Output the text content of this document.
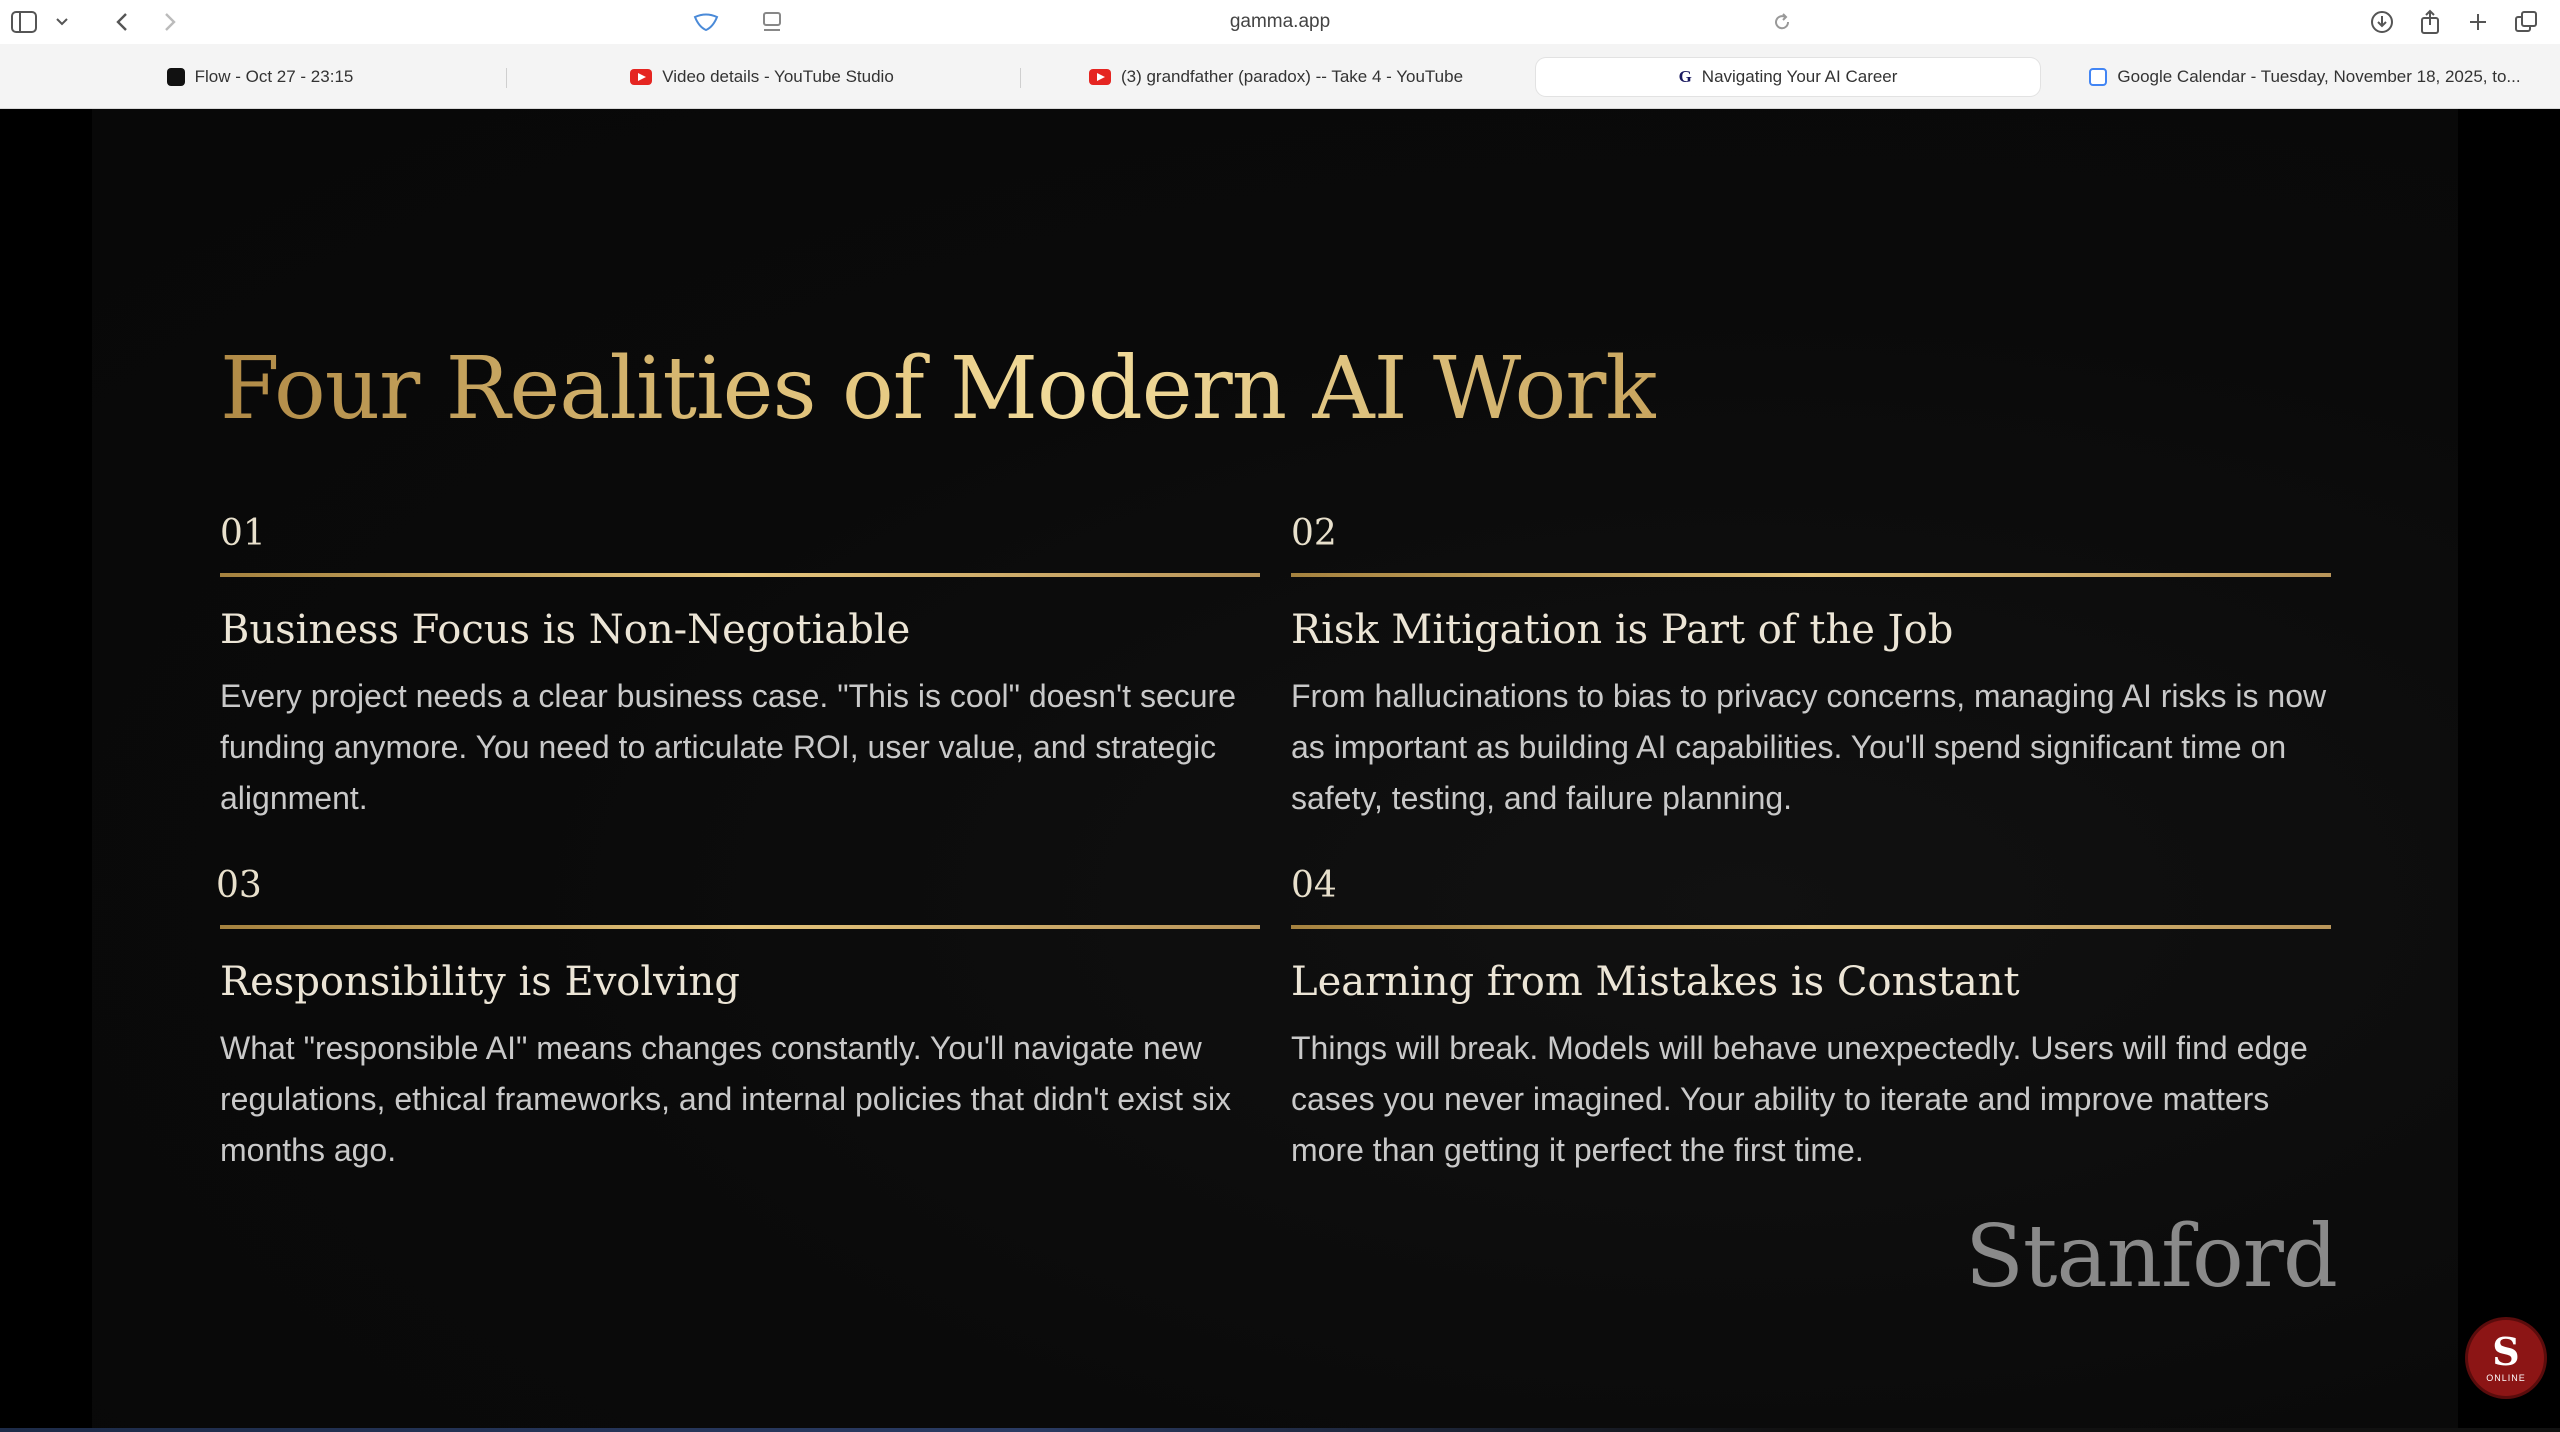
gamma.app
Flow - Oct 27 - 23:15	Video details - YouTube Studio	(3) grandfather (paradox) -- Take 4 - YouTube	G Navigating Your AI Career	Google Calendar - Tuesday, November 18, 2025, to...
Four Realities of Modern AI Work
01
Business Focus is Non-Negotiable
Every project needs a clear business case. "This is cool" doesn't secure funding anymore. You need to articulate ROI, user value, and strategic alignment.
02
Risk Mitigation is Part of the Job
From hallucinations to bias to privacy concerns, managing AI risks is now as important as building AI capabilities. You'll spend significant time on safety, testing, and failure planning.
03
Responsibility is Evolving
What "responsible AI" means changes constantly. You'll navigate new regulations, ethical frameworks, and internal policies that didn't exist six months ago.
04
Learning from Mistakes is Constant
Things will break. Models will behave unexpectedly. Users will find edge cases you never imagined. Your ability to iterate and improve matters more than getting it perfect the first time.
Stanford
S
ONLINE
